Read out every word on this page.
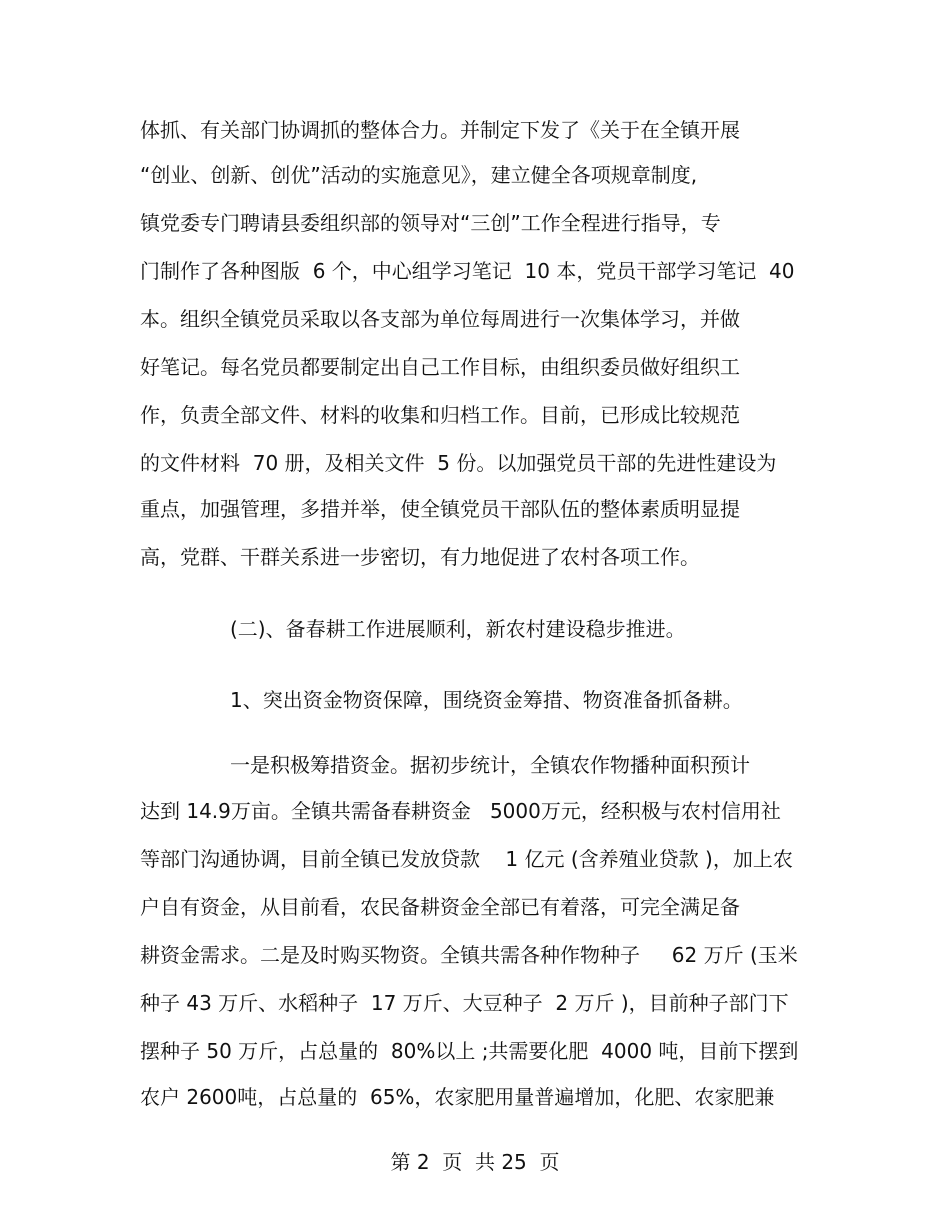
体抓、有关部门协调抓的整体合力。并制定下发了《关于在全镇开展
“创业、创新、创优”活动的实施意见》，建立健全各项规章制度,
镇党委专门聘请县委组织部的领导对“三创”工作全程进行指导，专
门制作了各种图版  6 个，中心组学习笔记  10 本，党员干部学习笔记  40
本。组织全镇党员采取以各支部为单位每周进行一次集体学习，并做
好笔记。每名党员都要制定出自己工作目标，由组织委员做好组织工
作，负责全部文件、材料的收集和归档工作。目前，已形成比较规范
的文件材料  70 册，及相关文件  5 份。以加强党员干部的先进性建设为
重点，加强管理，多措并举，使全镇党员干部队伍的整体素质明显提
高，党群、干群关系进一步密切，有力地促进了农村各项工作。
(二)、备春耕工作进展顺利，新农村建设稳步推进。
1、突出资金物资保障，围绕资金筹措、物资准备抓备耕。
一是积极筹措资金。据初步统计，全镇农作物播种面积预计
达到 14.9万亩。全镇共需备春耕资金   5000万元，经积极与农村信用社
等部门沟通协调，目前全镇已发放贷款    1 亿元 (含养殖业贷款 )，加上农
户自有资金，从目前看，农民备耕资金全部已有着落，可完全满足备
耕资金需求。二是及时购买物资。全镇共需各种作物种子     62 万斤 (玉米
种子 43 万斤、水稻种子  17 万斤、大豆种子  2 万斤 )，目前种子部门下
摆种子 50 万斤，占总量的  80%以上 ;共需要化肥  4000 吨，目前下摆到
农户 2600吨，占总量的  65%，农家肥用量普遍增加，化肥、农家肥兼
第 2  页  共 25  页
